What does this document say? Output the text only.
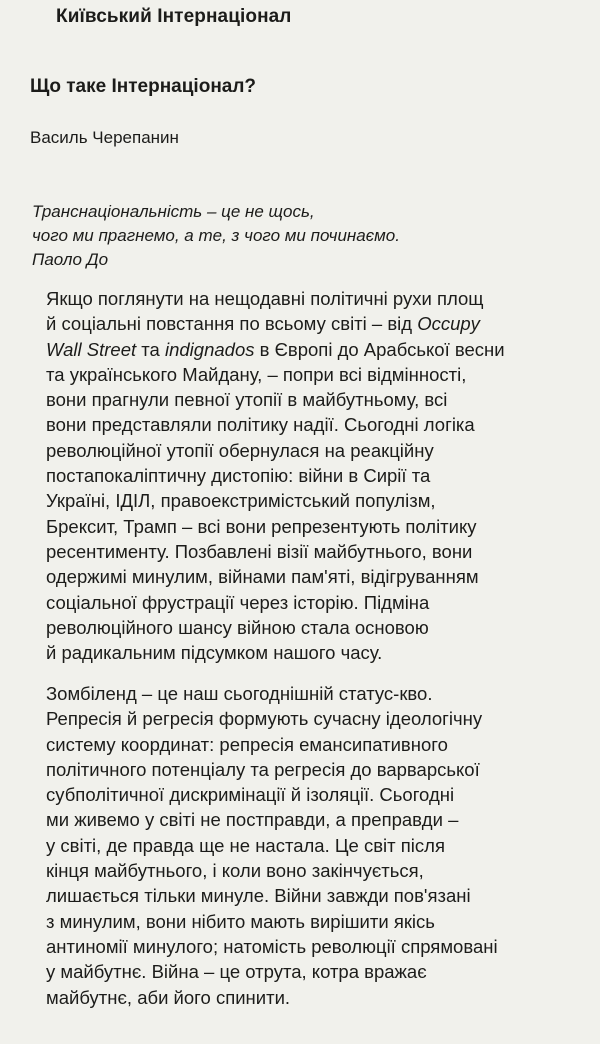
Київський Інтернаціонал
Що таке Інтернаціонал?
Василь Черепанин
Транснаціональність – це не щось,
чого ми прагнемо, а те, з чого ми починаємо.
Паоло До
Якщо поглянути на нещодавні політичні рухи площ
й соціальні повстання по всьому світі – від Occupy
Wall Street та indignados в Європі до Арабської весни
та українського Майдану, – попри всі відмінності,
вони прагнули певної утопії в майбутньому, всі
вони представляли політику надії. Сьогодні логіка
революційної утопії обернулася на реакційну
постапокаліптичну дистопію: війни в Сирії та
Україні, ІДІЛ, правоекстримістський популізм,
Брексит, Трамп – всі вони репрезентують політику
ресентименту. Позбавлені візії майбутнього, вони
одержимі минулим, війнами пам'яті, відігруванням
соціальної фрустрації через історію. Підміна
революційного шансу війною стала основою
й радикальним підсумком нашого часу.
Зомбіленд – це наш сьогоднішній статус-кво.
Репресія й регресія формують сучасну ідеологічну
систему координат: репресія емансипативного
політичного потенціалу та регресія до варварської
субполітичної дискримінації й ізоляції. Сьогодні
ми живемо у світі не постправди, а преправди –
у світі, де правда ще не настала. Це світ після
кінця майбутнього, і коли воно закінчується,
лишається тільки минуле. Війни завжди пов'язані
з минулим, вони нібито мають вирішити якісь
антиномії минулого; натомість революції спрямовані
у майбутнє. Війна – це отрута, котра вражає
майбутнє, аби його спинити.
